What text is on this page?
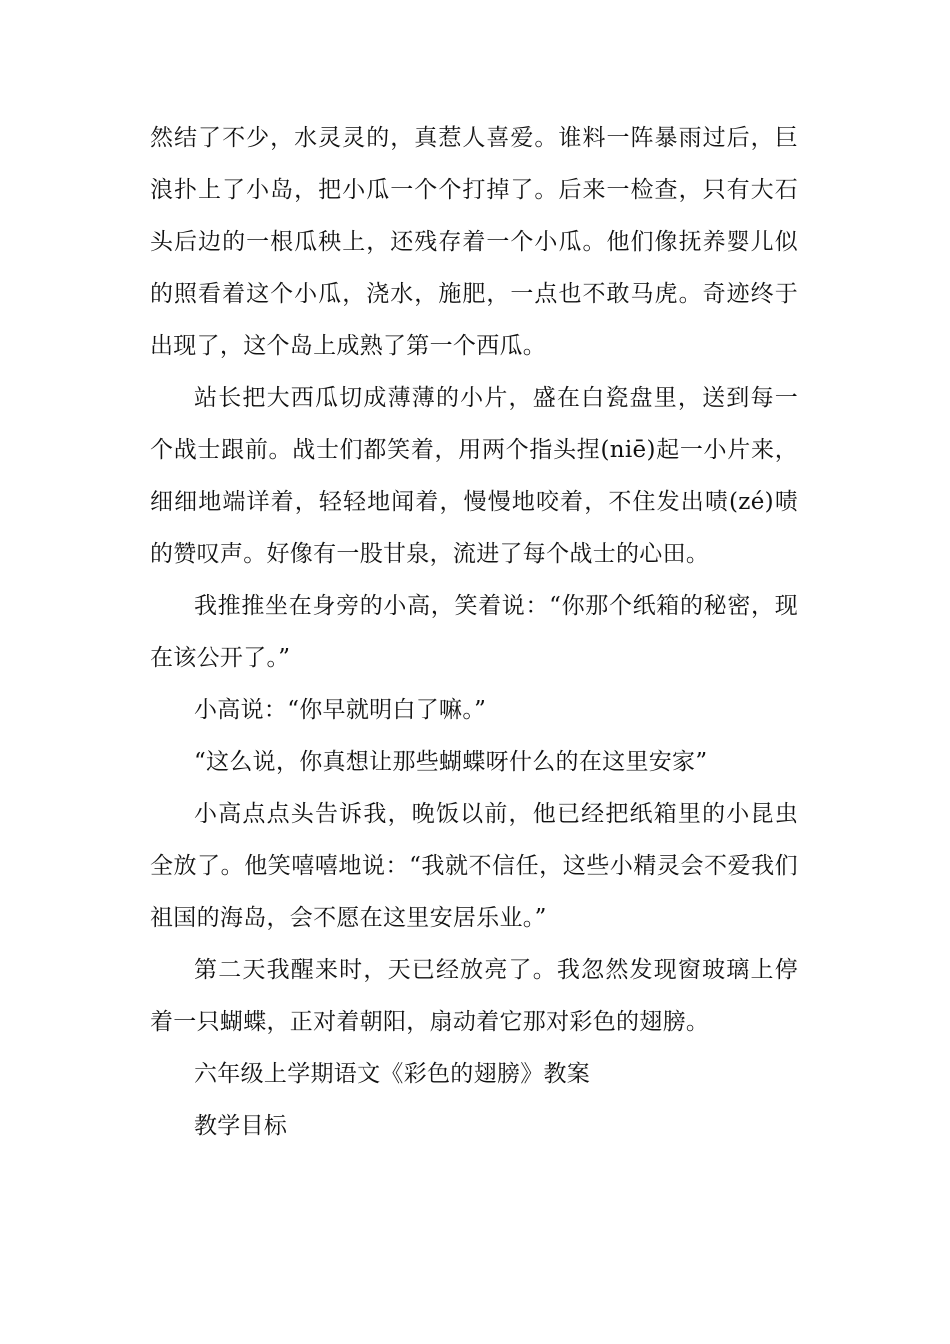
然结了不少，水灵灵的，真惹人喜爱。谁料一阵暴雨过后，巨浪扑上了小岛，把小瓜一个个打掉了。后来一检查，只有大石头后边的一根瓜秧上，还残存着一个小瓜。他们像抚养婴儿似的照看着这个小瓜，浇水，施肥，一点也不敢马虎。奇迹终于出现了，这个岛上成熟了第一个西瓜。

站长把大西瓜切成薄薄的小片，盛在白瓷盘里，送到每一个战士跟前。战士们都笑着，用两个指头捏(niē)起一小片来，细细地端详着，轻轻地闻着，慢慢地咬着，不住发出啧(zé)啧的赞叹声。好像有一股甘泉，流进了每个战士的心田。

我推推坐在身旁的小高，笑着说：“你那个纸箱的秘密，现在该公开了。”

小高说：“你早就明白了嘛。”

“这么说，你真想让那些蝴蝶呀什么的在这里安家”

小高点点头告诉我，晚饭以前，他已经把纸箱里的小昆虫全放了。他笑嘻嘻地说：“我就不信任，这些小精灵会不爱我们祖国的海岛，会不愿在这里安居乐业。”

第二天我醒来时，天已经放亮了。我忽然发现窗玻璃上停着一只蝴蝶，正对着朝阳，扇动着它那对彩色的翅膀。

六年级上学期语文《彩色的翅膀》教案

教学目标
